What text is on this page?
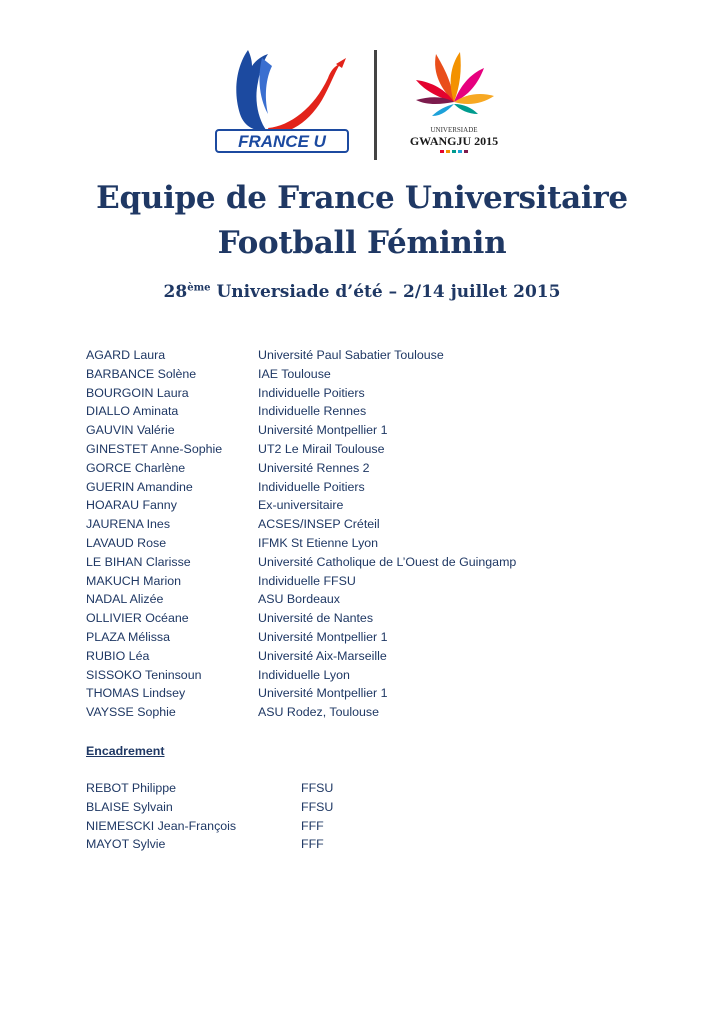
FRANCE U
UNIVERSIADE
GWANGJU 2015
Equipe de France Universitaire
Football Féminin
28ème Universiade d’été – 2/14 juillet 2015
AGARD Laura	Université Paul Sabatier Toulouse
BARBANCE Solène	IAE Toulouse
BOURGOIN Laura	Individuelle Poitiers
DIALLO Aminata	Individuelle Rennes
GAUVIN Valérie	Université Montpellier 1
GINESTET Anne-Sophie	UT2 Le Mirail Toulouse
GORCE Charlène	Université Rennes 2
GUERIN Amandine	Individuelle Poitiers
HOARAU Fanny	Ex-universitaire
JAURENA Ines	ACSES/INSEP Créteil
LAVAUD Rose	IFMK St Etienne Lyon
LE BIHAN Clarisse	Université Catholique de L’Ouest de Guingamp
MAKUCH Marion	Individuelle FFSU
NADAL Alizée	ASU Bordeaux
OLLIVIER Océane	Université de Nantes
PLAZA Mélissa	Université Montpellier 1
RUBIO Léa	Université Aix-Marseille
SISSOKO Teninsoun	Individuelle Lyon
THOMAS Lindsey	Université Montpellier 1
VAYSSE Sophie	ASU Rodez, Toulouse
Encadrement
REBOT Philippe	FFSU
BLAISE Sylvain	FFSU
NIEMESCKI Jean-François	FFF
MAYOT Sylvie	FFF
